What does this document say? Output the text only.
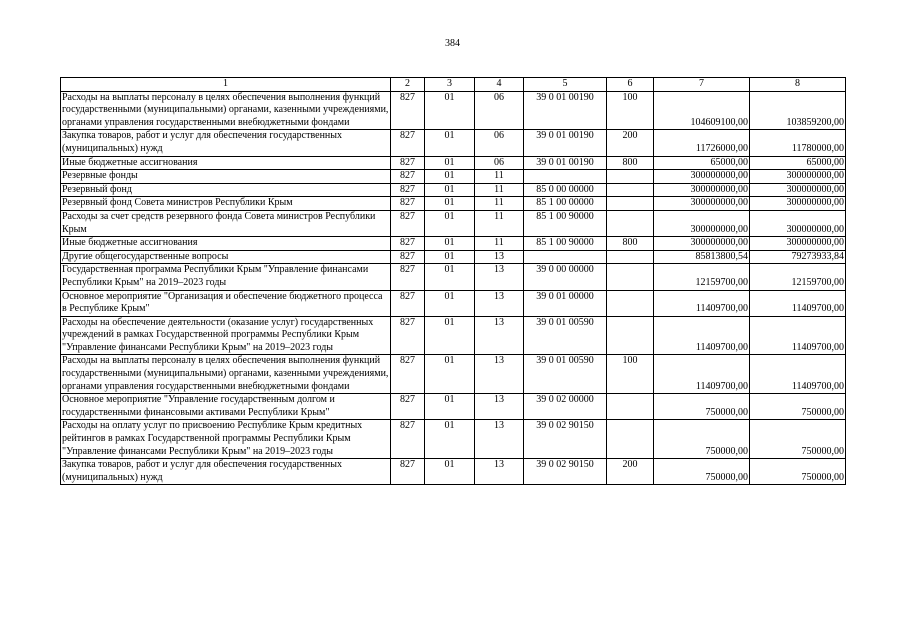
384
1	2	3	4	5	6	7	8
Расходы на выплаты персоналу в целях обеспечения выполнения функций государственными (муниципальными) органами, казенными учреждениями, органами управления государственными внебюджетными фондами	827	01	06	39 0 01 00190	100	104609100,00	103859200,00
Закупка товаров, работ и услуг для обеспечения государственных (муниципальных) нужд	827	01	06	39 0 01 00190	200	11726000,00	11780000,00
Иные бюджетные ассигнования	827	01	06	39 0 01 00190	800	65000,00	65000,00
Резервные фонды	827	01	11			300000000,00	300000000,00
Резервный фонд	827	01	11	85 0 00 00000		300000000,00	300000000,00
Резервный фонд Совета министров Республики Крым	827	01	11	85 1 00 00000		300000000,00	300000000,00
Расходы за счет средств резервного фонда Совета министров Республики Крым	827	01	11	85 1 00 90000		300000000,00	300000000,00
Иные бюджетные ассигнования	827	01	11	85 1 00 90000	800	300000000,00	300000000,00
Другие общегосударственные вопросы	827	01	13			85813800,54	79273933,84
Государственная программа Республики Крым "Управление финансами Республики Крым" на 2019–2023 годы	827	01	13	39 0 00 00000		12159700,00	12159700,00
Основное мероприятие "Организация и обеспечение бюджетного процесса в Республике Крым"	827	01	13	39 0 01 00000		11409700,00	11409700,00
Расходы на обеспечение деятельности (оказание услуг) государственных учреждений в рамках Государственной программы Республики Крым "Управление финансами Республики Крым" на 2019–2023 годы	827	01	13	39 0 01 00590		11409700,00	11409700,00
Расходы на выплаты персоналу в целях обеспечения выполнения функций государственными (муниципальными) органами, казенными учреждениями, органами управления государственными внебюджетными фондами	827	01	13	39 0 01 00590	100	11409700,00	11409700,00
Основное мероприятие "Управление государственным долгом и государственными финансовыми активами Республики Крым"	827	01	13	39 0 02 00000		750000,00	750000,00
Расходы на оплату услуг по присвоению Республике Крым кредитных рейтингов в рамках Государственной программы Республики Крым "Управление финансами Республики Крым" на 2019–2023 годы	827	01	13	39 0 02 90150		750000,00	750000,00
Закупка товаров, работ и услуг для обеспечения государственных (муниципальных) нужд	827	01	13	39 0 02 90150	200	750000,00	750000,00
